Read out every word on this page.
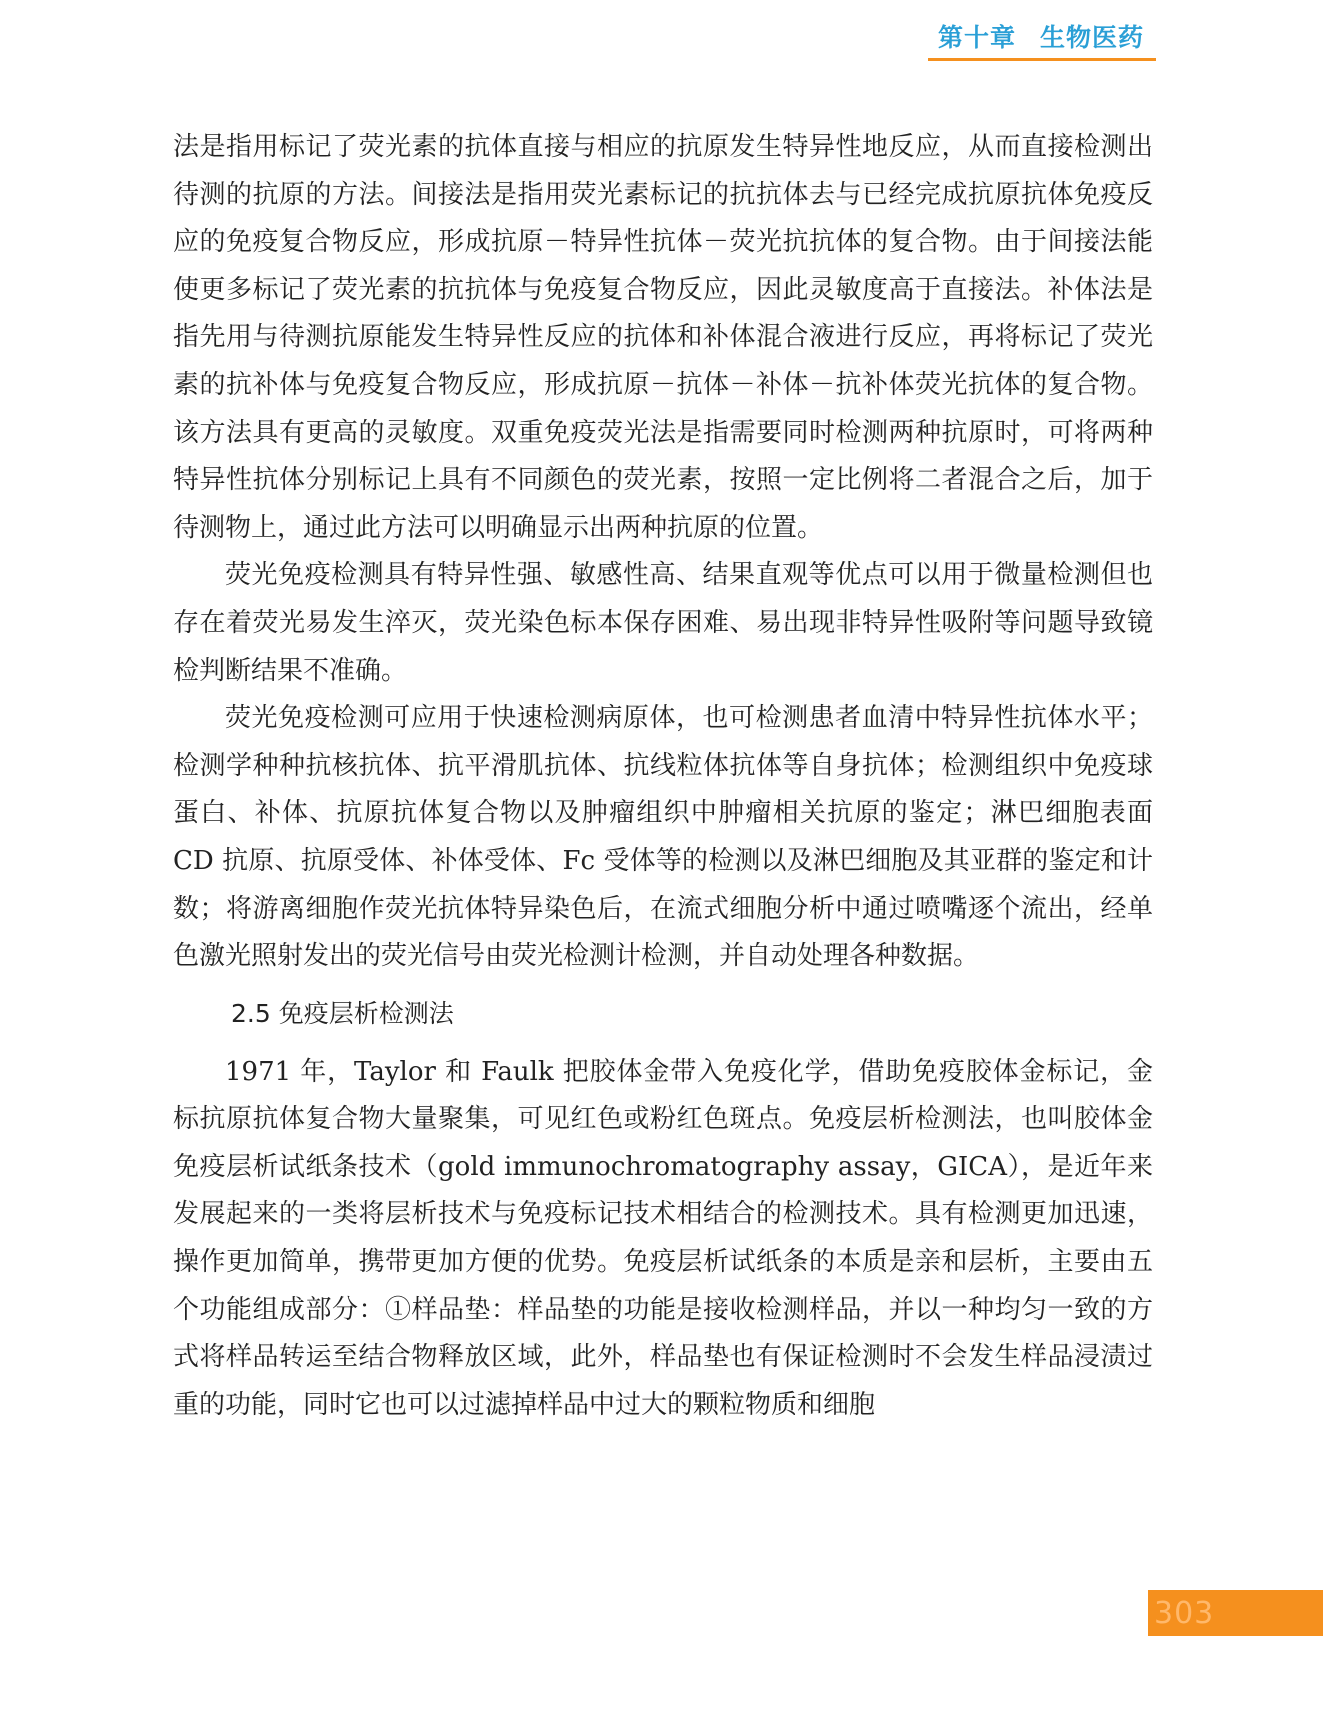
第十章 生物医药

法是指用标记了荧光素的抗体直接与相应的抗原发生特异性地反应，从而直接检测出待测的抗原的方法。间接法是指用荧光素标记的抗抗体去与已经完成抗原抗体免疫反应的免疫复合物反应，形成抗原－特异性抗体－荧光抗抗体的复合物。由于间接法能使更多标记了荧光素的抗抗体与免疫复合物反应，因此灵敏度高于直接法。补体法是指先用与待测抗原能发生特异性反应的抗体和补体混合液进行反应，再将标记了荧光素的抗补体与免疫复合物反应，形成抗原－抗体－补体－抗补体荧光抗体的复合物。该方法具有更高的灵敏度。双重免疫荧光法是指需要同时检测两种抗原时，可将两种特异性抗体分别标记上具有不同颜色的荧光素，按照一定比例将二者混合之后，加于待测物上，通过此方法可以明确显示出两种抗原的位置。

荧光免疫检测具有特异性强、敏感性高、结果直观等优点可以用于微量检测但也存在着荧光易发生淬灭，荧光染色标本保存困难、易出现非特异性吸附等问题导致镜检判断结果不准确。

荧光免疫检测可应用于快速检测病原体，也可检测患者血清中特异性抗体水平；检测学种种抗核抗体、抗平滑肌抗体、抗线粒体抗体等自身抗体；检测组织中免疫球蛋白、补体、抗原抗体复合物以及肿瘤组织中肿瘤相关抗原的鉴定；淋巴细胞表面 CD 抗原、抗原受体、补体受体、Fc 受体等的检测以及淋巴细胞及其亚群的鉴定和计数；将游离细胞作荧光抗体特异染色后，在流式细胞分析中通过喷嘴逐个流出，经单色激光照射发出的荧光信号由荧光检测计检测，并自动处理各种数据。

2.5 免疫层析检测法

1971 年，Taylor 和 Faulk 把胶体金带入免疫化学，借助免疫胶体金标记，金标抗原抗体复合物大量聚集，可见红色或粉红色斑点。免疫层析检测法，也叫胶体金免疫层析试纸条技术（gold immunochromatography assay，GICA），是近年来发展起来的一类将层析技术与免疫标记技术相结合的检测技术。具有检测更加迅速，操作更加简单，携带更加方便的优势。免疫层析试纸条的本质是亲和层析，主要由五个功能组成部分：①样品垫：样品垫的功能是接收检测样品，并以一种均匀一致的方式将样品转运至结合物释放区域，此外，样品垫也有保证检测时不会发生样品浸渍过重的功能，同时它也可以过滤掉样品中过大的颗粒物质和细胞

303
